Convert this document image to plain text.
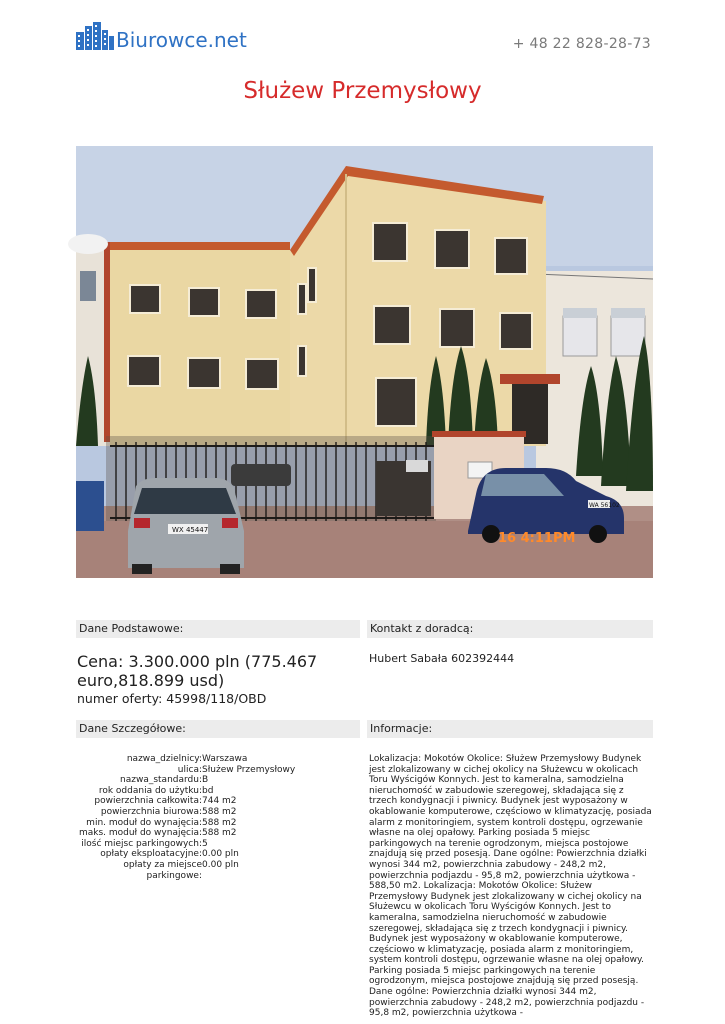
Biurowce.net	+ 48 22 828-28-73
Służew Przemysłowy
WX 45447
WA 56102
16 4:11PM
Dane Podstawowe:
Cena: 3.300.000 pln (775.467 euro,818.899 usd)
numer oferty: 45998/118/OBD
Kontakt z doradcą:
Hubert Sabała 602392444
Dane Szczegółowe:
nazwa_dzielnicy: Warszawa
ulica: Służew Przemysłowy
nazwa_standardu: B
rok oddania do użytku: bd
powierzchnia całkowita: 744 m2
powierzchnia biurowa: 588 m2
min. moduł do wynajęcia: 588 m2
maks. moduł do wynajęcia: 588 m2
ilość miejsc parkingowych: 5
opłaty eksploatacyjne: 0.00 pln
opłaty za miejsce 0.00 pln
parkingowe:
Informacje:
Lokalizacja: Mokotów Okolice: Służew Przemysłowy Budynek jest zlokalizowany w cichej okolicy na Służewcu w okolicach Toru Wyścigów Konnych. Jest to kameralna, samodzielna nieruchomość w zabudowie szeregowej, składająca się z trzech kondygnacji i piwnicy. Budynek jest wyposażony w okablowanie komputerowe, częściowo w klimatyzację, posiada alarm z monitoringiem, system kontroli dostępu, ogrzewanie własne na olej opałowy. Parking posiada 5 miejsc parkingowych na terenie ogrodzonym, miejsca postojowe znajdują się przed posesją. Dane ogólne: Powierzchnia działki wynosi 344 m2, powierzchnia zabudowy - 248,2 m2, powierzchnia podjazdu - 95,8 m2, powierzchnia użytkowa - 588,50 m2. Lokalizacja: Mokotów Okolice: Służew Przemysłowy Budynek jest zlokalizowany w cichej okolicy na Służewcu w okolicach Toru Wyścigów Konnych. Jest to kameralna, samodzielna nieruchomość w zabudowie szeregowej, składająca się z trzech kondygnacji i piwnicy. Budynek jest wyposażony w okablowanie komputerowe, częściowo w klimatyzację, posiada alarm z monitoringiem, system kontroli dostępu, ogrzewanie własne na olej opałowy. Parking posiada 5 miejsc parkingowych na terenie ogrodzonym, miejsca postojowe znajdują się przed posesją. Dane ogólne: Powierzchnia działki wynosi 344 m2, powierzchnia zabudowy - 248,2 m2, powierzchnia podjazdu - 95,8 m2, powierzchnia użytkowa -
